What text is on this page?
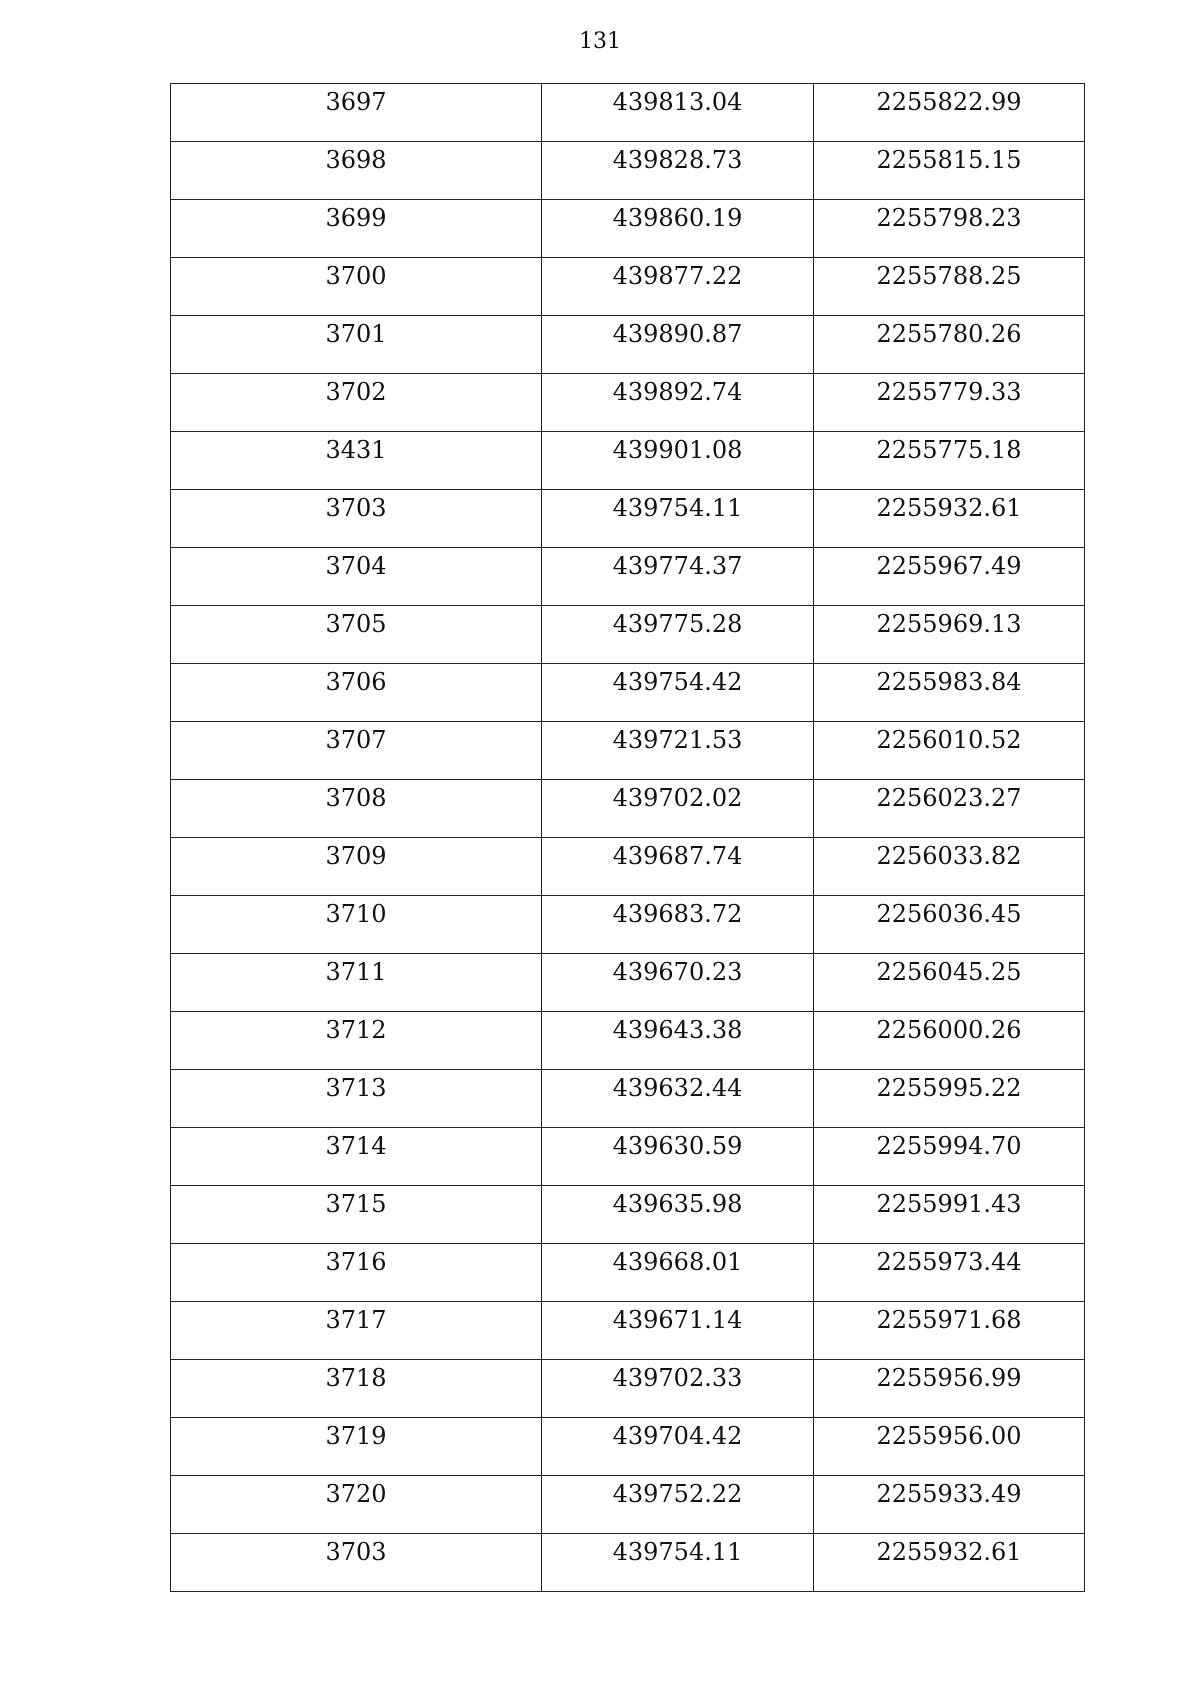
131
3697	439813.04	2255822.99

3698	439828.73	2255815.15

3699	439860.19	2255798.23

3700	439877.22	2255788.25

3701	439890.87	2255780.26

3702	439892.74	2255779.33

3431	439901.08	2255775.18

3703	439754.11	2255932.61

3704	439774.37	2255967.49

3705	439775.28	2255969.13

3706	439754.42	2255983.84

3707	439721.53	2256010.52

3708	439702.02	2256023.27

3709	439687.74	2256033.82

3710	439683.72	2256036.45

3711	439670.23	2256045.25

3712	439643.38	2256000.26

3713	439632.44	2255995.22

3714	439630.59	2255994.70

3715	439635.98	2255991.43

3716	439668.01	2255973.44

3717	439671.14	2255971.68

3718	439702.33	2255956.99

3719	439704.42	2255956.00

3720	439752.22	2255933.49

3703	439754.11	2255932.61
